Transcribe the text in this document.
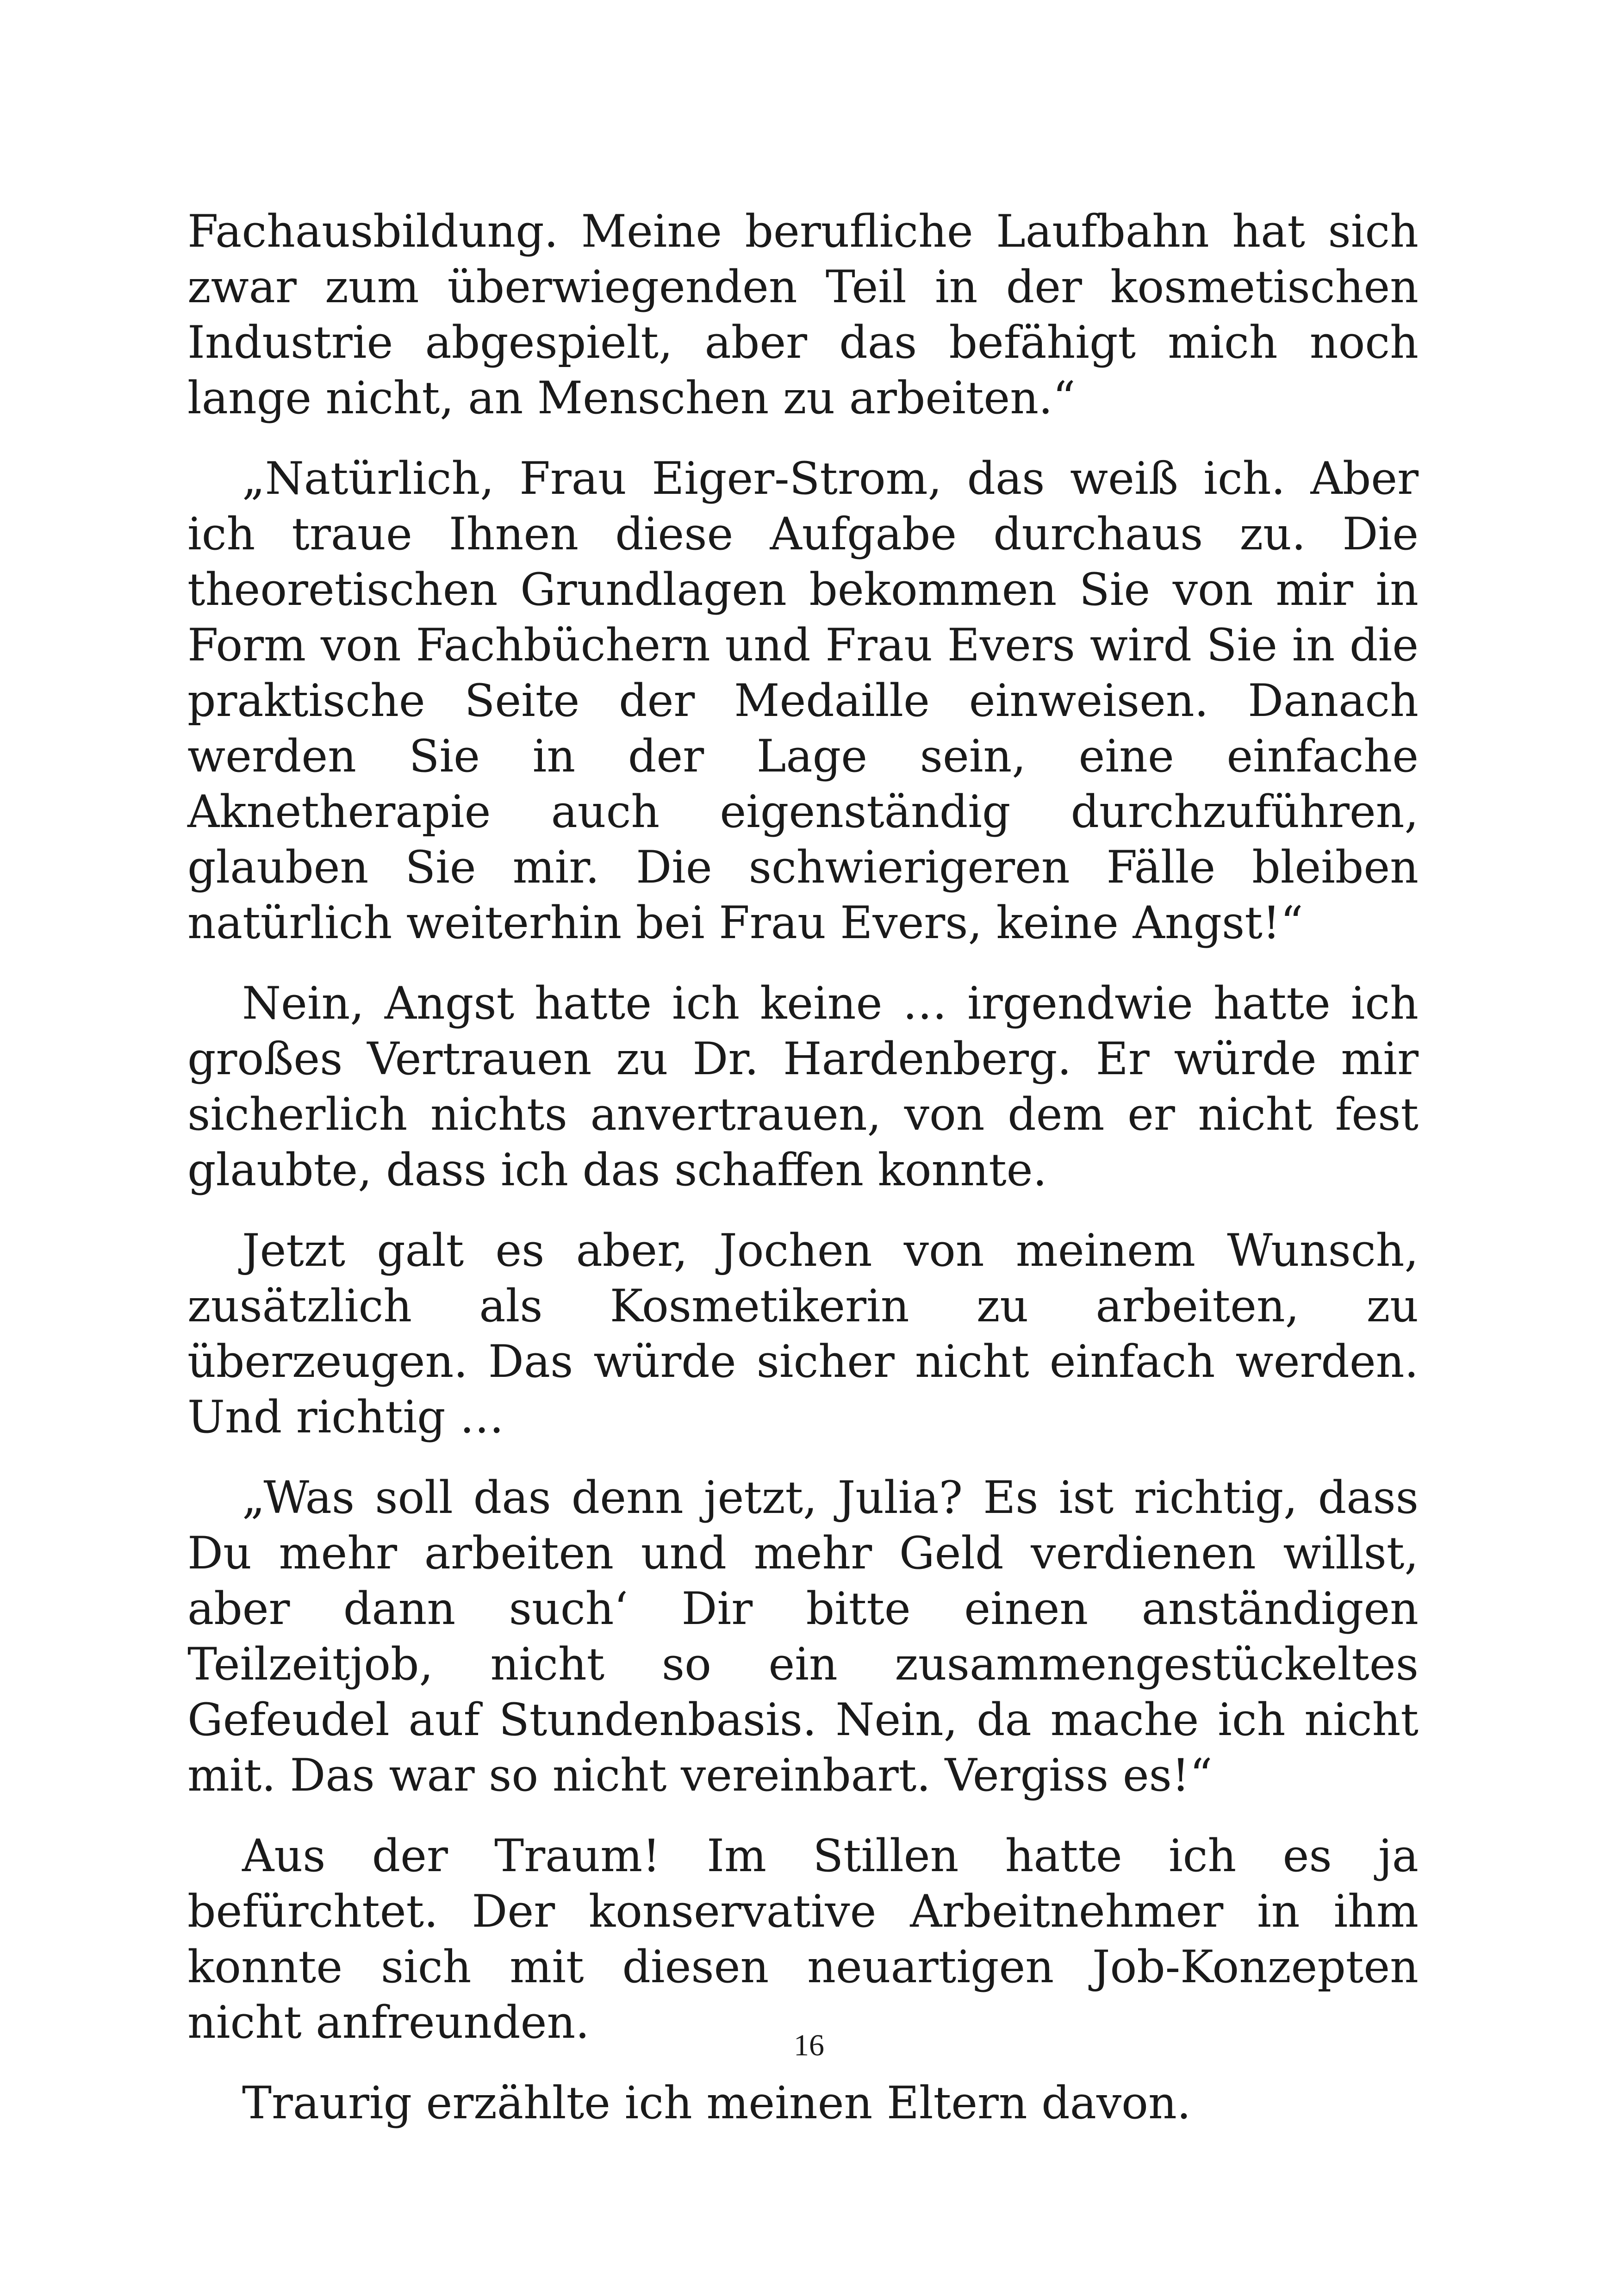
Fachausbildung. Meine berufliche Laufbahn hat sich zwar zum überwiegenden Teil in der kosmetischen Industrie abgespielt, aber das befähigt mich noch lange nicht, an Menschen zu arbeiten.“

„Natürlich, Frau Eiger-Strom, das weiß ich. Aber ich traue Ihnen diese Aufgabe durchaus zu. Die theoretischen Grundlagen bekommen Sie von mir in Form von Fachbüchern und Frau Evers wird Sie in die praktische Seite der Medaille einweisen. Danach werden Sie in der Lage sein, eine einfache Aknetherapie auch eigenständig durchzuführen, glauben Sie mir. Die schwierigeren Fälle bleiben natürlich weiterhin bei Frau Evers, keine Angst!“

Nein, Angst hatte ich keine … irgendwie hatte ich großes Vertrauen zu Dr. Hardenberg. Er würde mir sicherlich nichts anvertrauen, von dem er nicht fest glaubte, dass ich das schaffen konnte.

Jetzt galt es aber, Jochen von meinem Wunsch, zusätzlich als Kosmetikerin zu arbeiten, zu überzeugen. Das würde sicher nicht einfach werden. Und richtig …

„Was soll das denn jetzt, Julia? Es ist richtig, dass Du mehr arbeiten und mehr Geld verdienen willst, aber dann such‘ Dir bitte einen anständigen Teilzeitjob, nicht so ein zusammengestückeltes Gefeudel auf Stundenbasis. Nein, da mache ich nicht mit. Das war so nicht vereinbart. Vergiss es!“

Aus der Traum! Im Stillen hatte ich es ja befürchtet. Der konservative Arbeitnehmer in ihm konnte sich mit diesen neuartigen Job-Konzepten nicht anfreunden.

Traurig erzählte ich meinen Eltern davon.

16
